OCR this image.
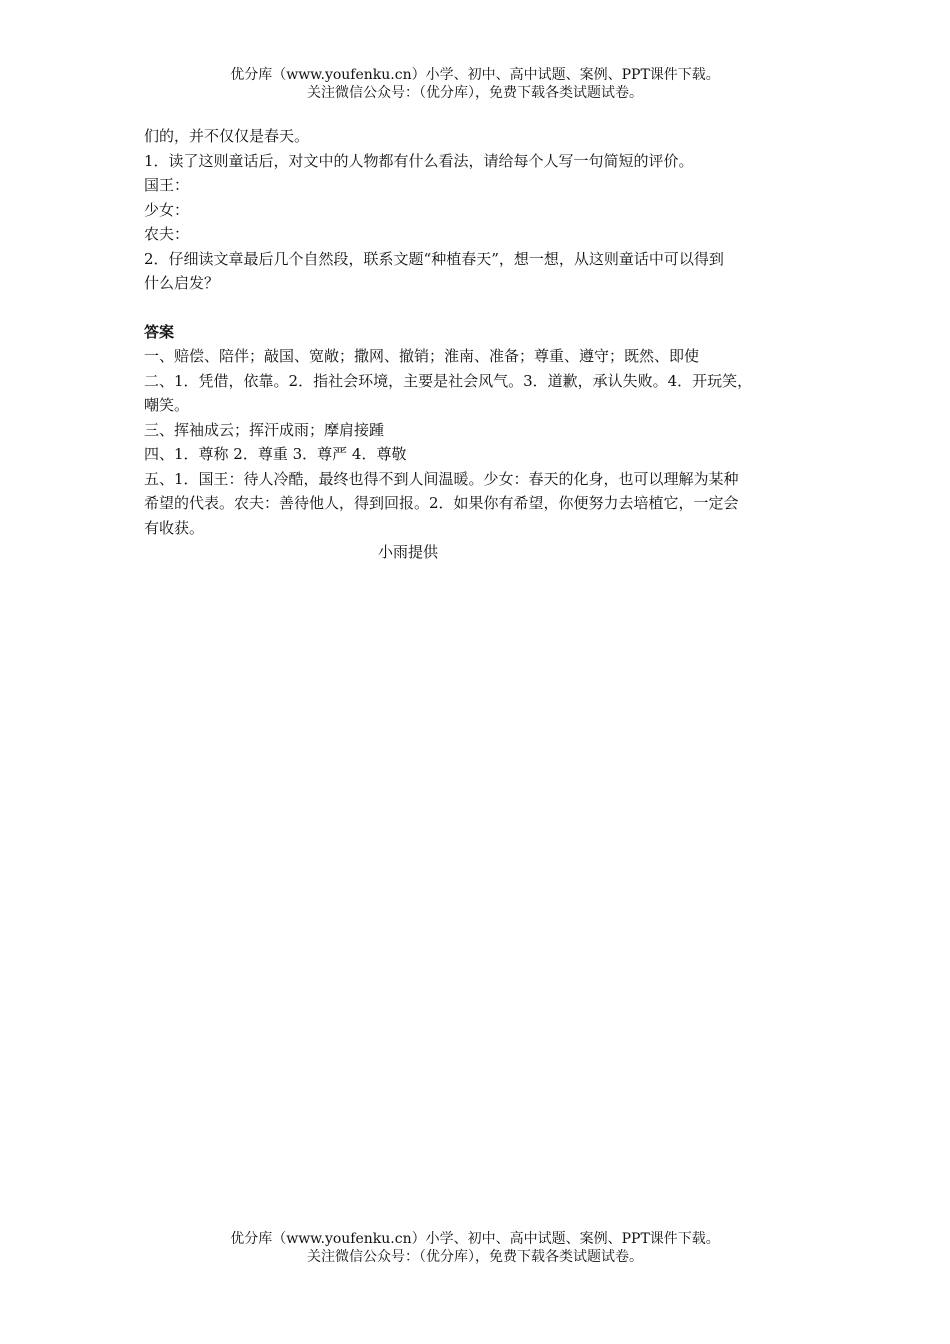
优分库（www.youfenku.cn）小学、初中、高中试题、案例、PPT课件下载。
关注微信公众号：（优分库），免费下载各类试题试卷。
们的，并不仅仅是春天。
1．读了这则童话后，对文中的人物都有什么看法，请给每个人写一句简短的评价。
国王：
少女：
农夫：
2．仔细读文章最后几个自然段，联系文题“种植春天”，想一想，从这则童话中可以得到
什么启发？
答案
一、赔偿、陪伴；敲国、宽敞；撒网、撤销；淮南、准备；尊重、遵守；既然、即使
二、1．凭借，依靠。2．指社会环境，主要是社会风气。3．道歉，承认失败。4．开玩笑，
嘲笑。
三、挥袖成云；挥汗成雨；摩肩接踵
四、1．尊称 2．尊重 3．尊严 4．尊敬
五、1．国王：待人冷酷，最终也得不到人间温暖。少女：春天的化身，也可以理解为某种
希望的代表。农夫：善待他人，得到回报。2．如果你有希望，你便努力去培植它，一定会
有收获。
小雨提供
优分库（www.youfenku.cn）小学、初中、高中试题、案例、PPT课件下载。
关注微信公众号：（优分库），免费下载各类试题试卷。
